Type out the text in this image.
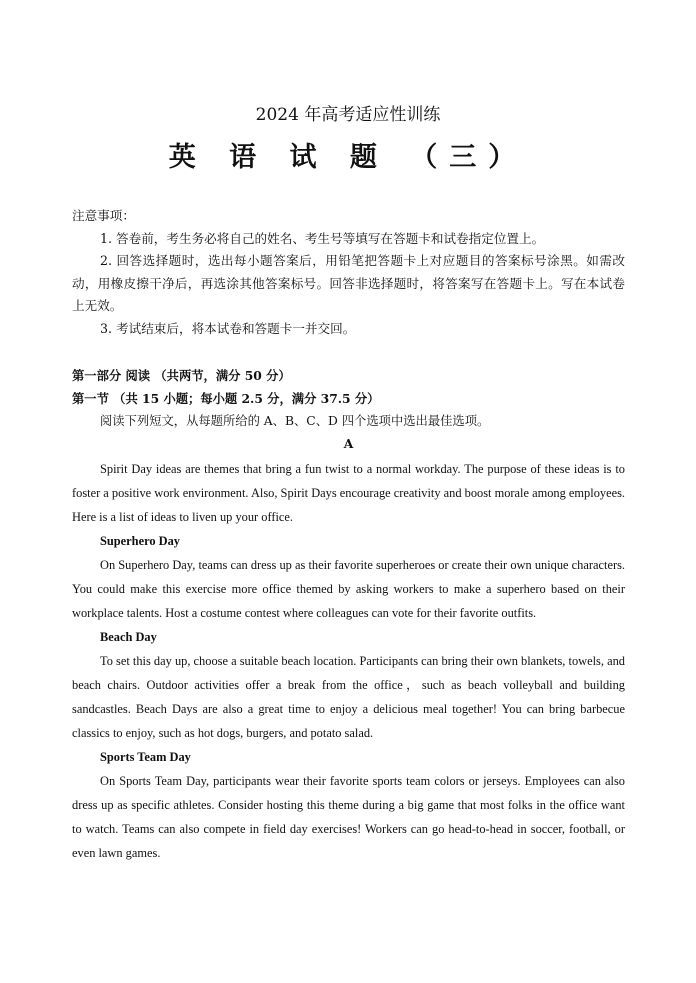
2024 年高考适应性训练
英 语 试 题 （三）

注意事项：

1. 答卷前，考生务必将自己的姓名、考生号等填写在答题卡和试卷指定位置上。

2. 回答选择题时，选出每小题答案后，用铅笔把答题卡上对应题目的答案标号涂黑。如需改动，用橡皮擦干净后，再选涂其他答案标号。回答非选择题时，将答案写在答题卡上。写在本试卷上无效。

3. 考试结束后，将本试卷和答题卡一并交回。

第一部分 阅读 （共两节，满分 50 分）

第一节 （共 15 小题；每小题 2.5 分，满分 37.5 分）

阅读下列短文，从每题所给的 A、B、C、D 四个选项中选出最佳选项。

A

Spirit Day ideas are themes that bring a fun twist to a normal workday. The purpose of these ideas is to foster a positive work environment. Also, Spirit Days encourage creativity and boost morale among employees. Here is a list of ideas to liven up your office.

Superhero Day

On Superhero Day, teams can dress up as their favorite superheroes or create their own unique characters. You could make this exercise more office themed by asking workers to make a superhero based on their workplace talents. Host a costume contest where colleagues can vote for their favorite outfits.

Beach Day

To set this day up, choose a suitable beach location. Participants can bring their own blankets, towels, and beach chairs. Outdoor activities offer a break from the office，such as beach volleyball and building sandcastles. Beach Days are also a great time to enjoy a delicious meal together! You can bring barbecue classics to enjoy, such as hot dogs, burgers, and potato salad.

Sports Team Day

On Sports Team Day, participants wear their favorite sports team colors or jerseys. Employees can also dress up as specific athletes. Consider hosting this theme during a big game that most folks in the office want to watch. Teams can also compete in field day exercises! Workers can go head-to-head in soccer, football, or even lawn games.
